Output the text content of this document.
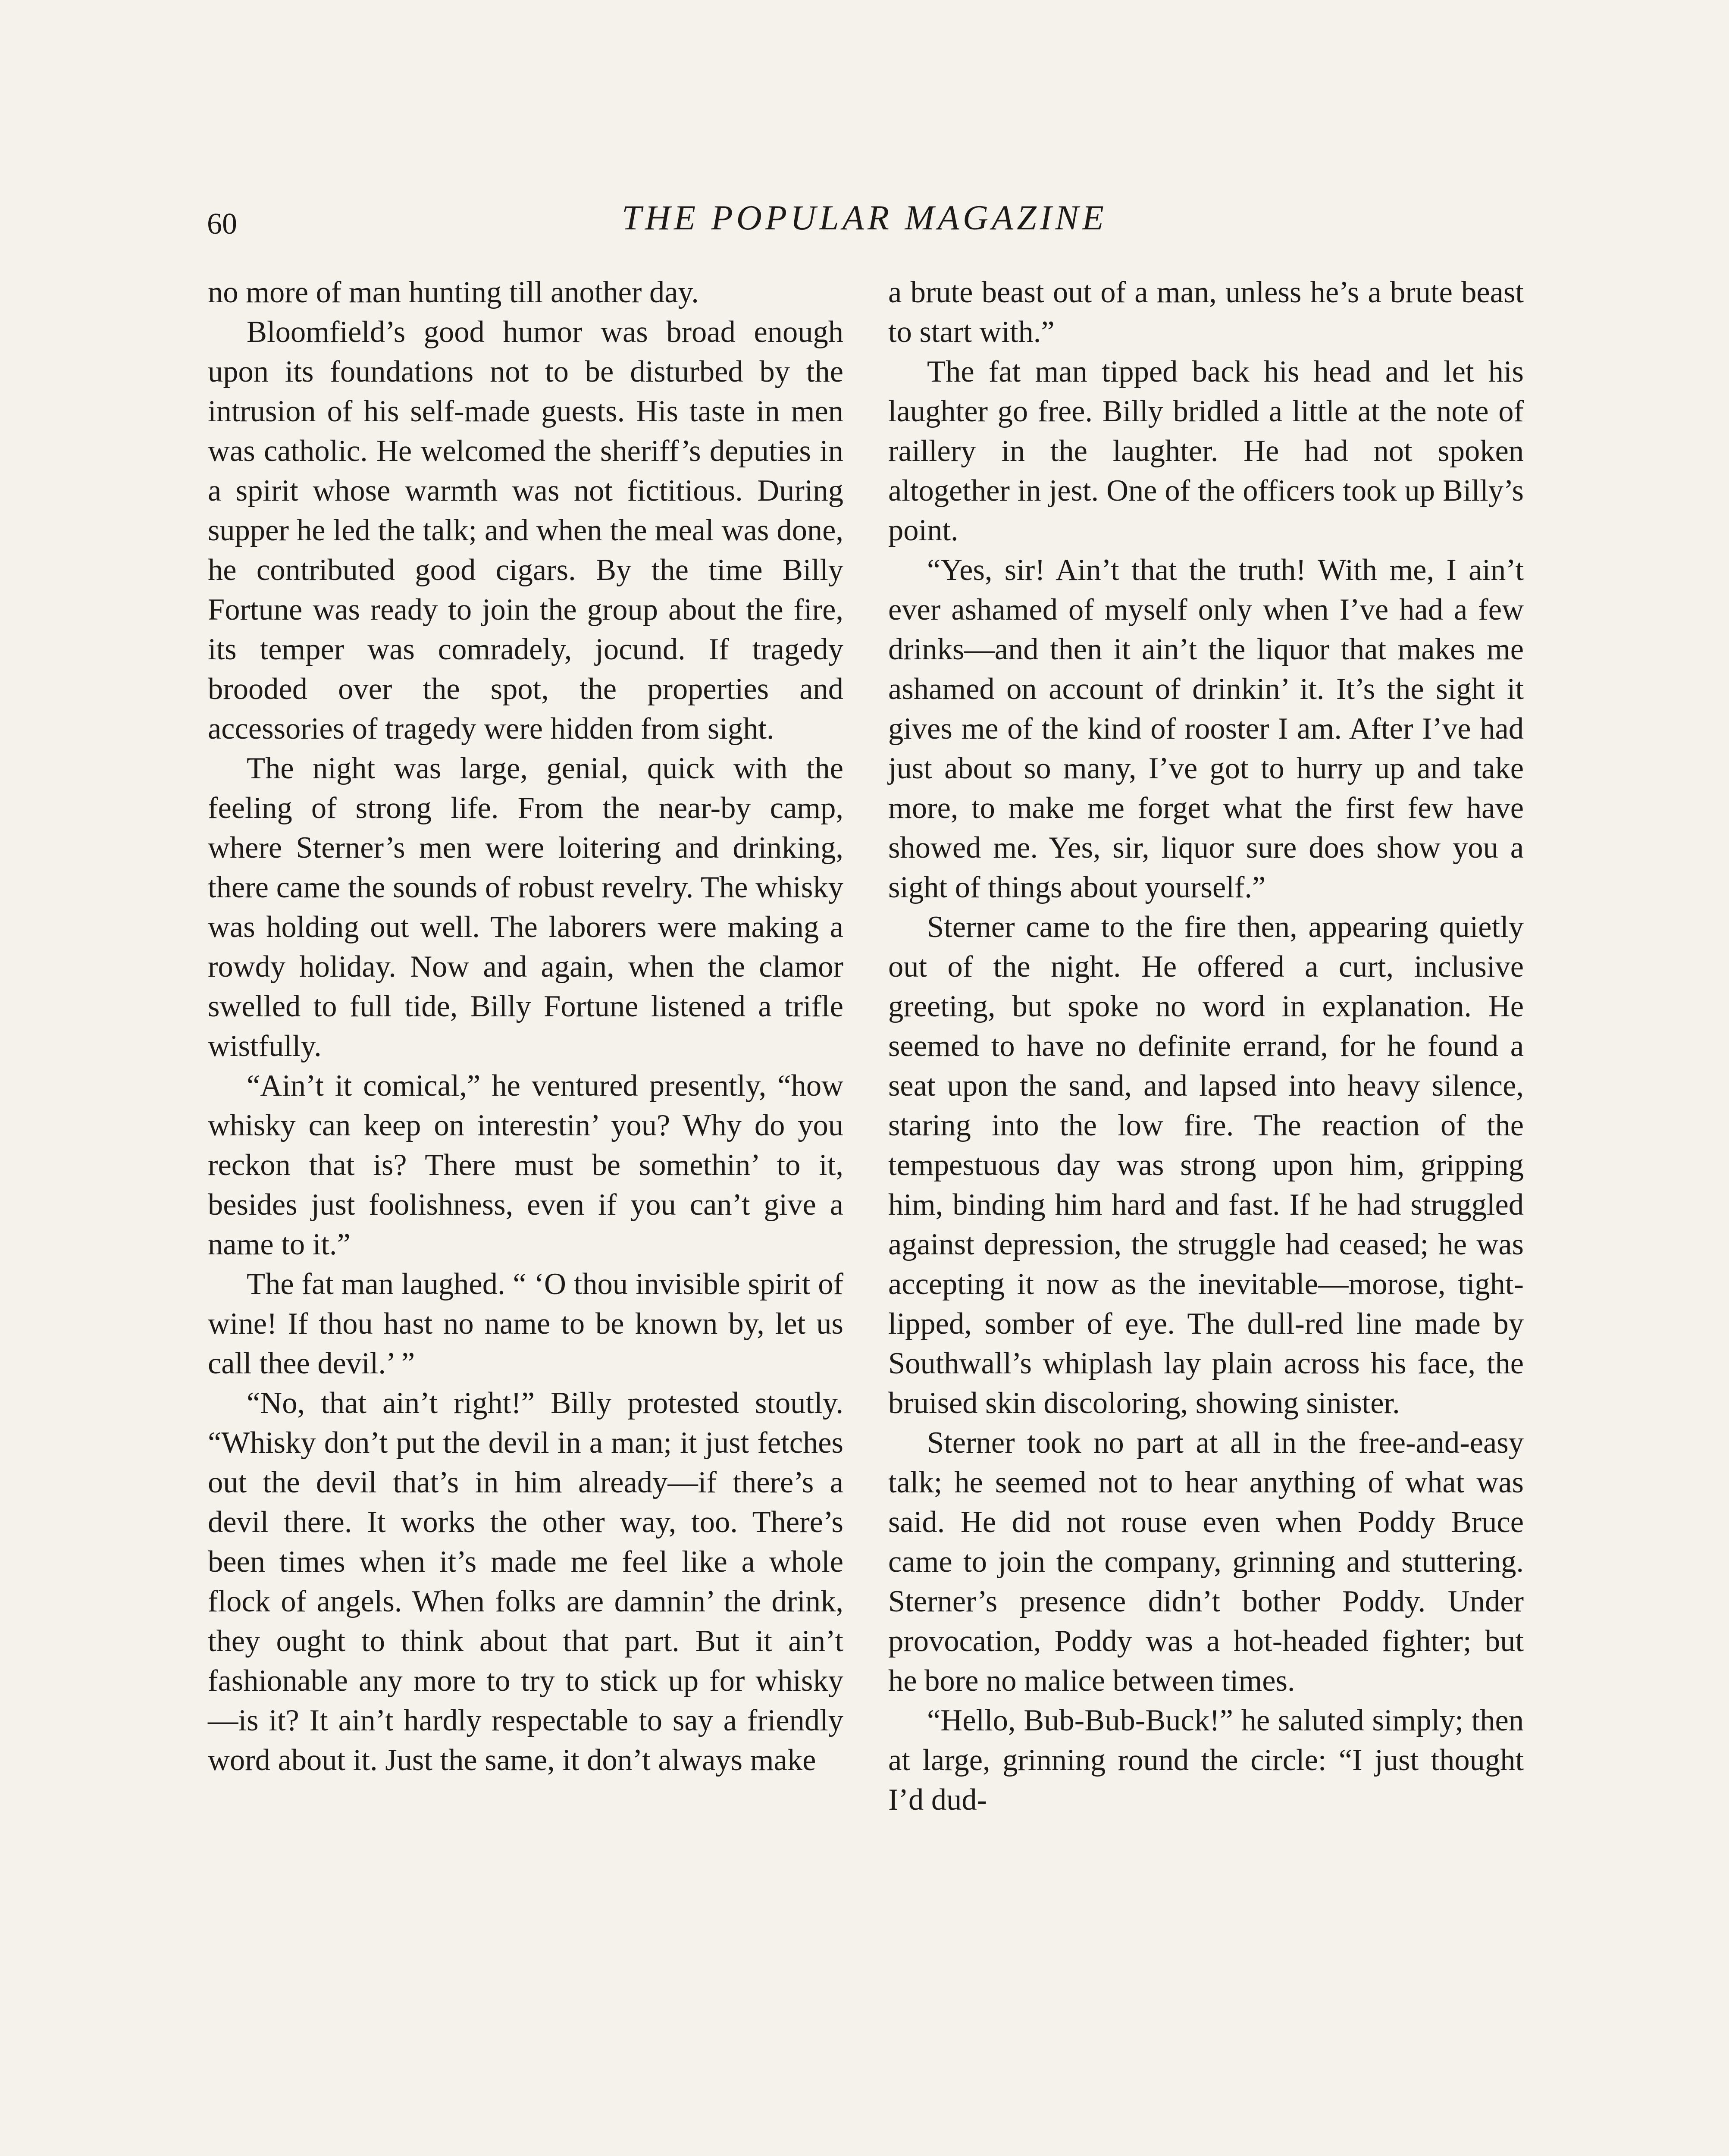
60	THE POPULAR MAGAZINE

no more of man hunting till another day.

Bloomfield’s good humor was broad enough upon its foundations not to be disturbed by the intrusion of his self-made guests. His taste in men was catholic. He welcomed the sheriff’s deputies in a spirit whose warmth was not fictitious. During supper he led the talk; and when the meal was done, he contributed good cigars. By the time Billy Fortune was ready to join the group about the fire, its temper was comradely, jocund. If tragedy brooded over the spot, the properties and accessories of tragedy were hidden from sight.

The night was large, genial, quick with the feeling of strong life. From the near-by camp, where Sterner’s men were loitering and drinking, there came the sounds of robust revelry. The whisky was holding out well. The laborers were making a rowdy holiday. Now and again, when the clamor swelled to full tide, Billy Fortune listened a trifle wistfully.

“Ain’t it comical,” he ventured presently, “how whisky can keep on interestin’ you? Why do you reckon that is? There must be somethin’ to it, besides just foolishness, even if you can’t give a name to it.”

The fat man laughed. “ ‘O thou invisible spirit of wine! If thou hast no name to be known by, let us call thee devil.’ ”

“No, that ain’t right!” Billy protested stoutly. “Whisky don’t put the devil in a man; it just fetches out the devil that’s in him already—if there’s a devil there. It works the other way, too. There’s been times when it’s made me feel like a whole flock of angels. When folks are damnin’ the drink, they ought to think about that part. But it ain’t fashionable any more to try to stick up for whisky—is it? It ain’t hardly respectable to say a friendly word about it. Just the same, it don’t always make

a brute beast out of a man, unless he’s a brute beast to start with.”

The fat man tipped back his head and let his laughter go free. Billy bridled a little at the note of raillery in the laughter. He had not spoken altogether in jest. One of the officers took up Billy’s point.

“Yes, sir! Ain’t that the truth! With me, I ain’t ever ashamed of myself only when I’ve had a few drinks—and then it ain’t the liquor that makes me ashamed on account of drinkin’ it. It’s the sight it gives me of the kind of rooster I am. After I’ve had just about so many, I’ve got to hurry up and take more, to make me forget what the first few have showed me. Yes, sir, liquor sure does show you a sight of things about yourself.”

Sterner came to the fire then, appearing quietly out of the night. He offered a curt, inclusive greeting, but spoke no word in explanation. He seemed to have no definite errand, for he found a seat upon the sand, and lapsed into heavy silence, staring into the low fire. The reaction of the tempestuous day was strong upon him, gripping him, binding him hard and fast. If he had struggled against depression, the struggle had ceased; he was accepting it now as the inevitable—morose, tight-lipped, somber of eye. The dull-red line made by Southwall’s whiplash lay plain across his face, the bruised skin discoloring, showing sinister.

Sterner took no part at all in the free-and-easy talk; he seemed not to hear anything of what was said. He did not rouse even when Poddy Bruce came to join the company, grinning and stuttering. Sterner’s presence didn’t bother Poddy. Under provocation, Poddy was a hot-headed fighter; but he bore no malice between times.

“Hello, Bub-Bub-Buck!” he saluted simply; then at large, grinning round the circle: “I just thought I’d dud-
